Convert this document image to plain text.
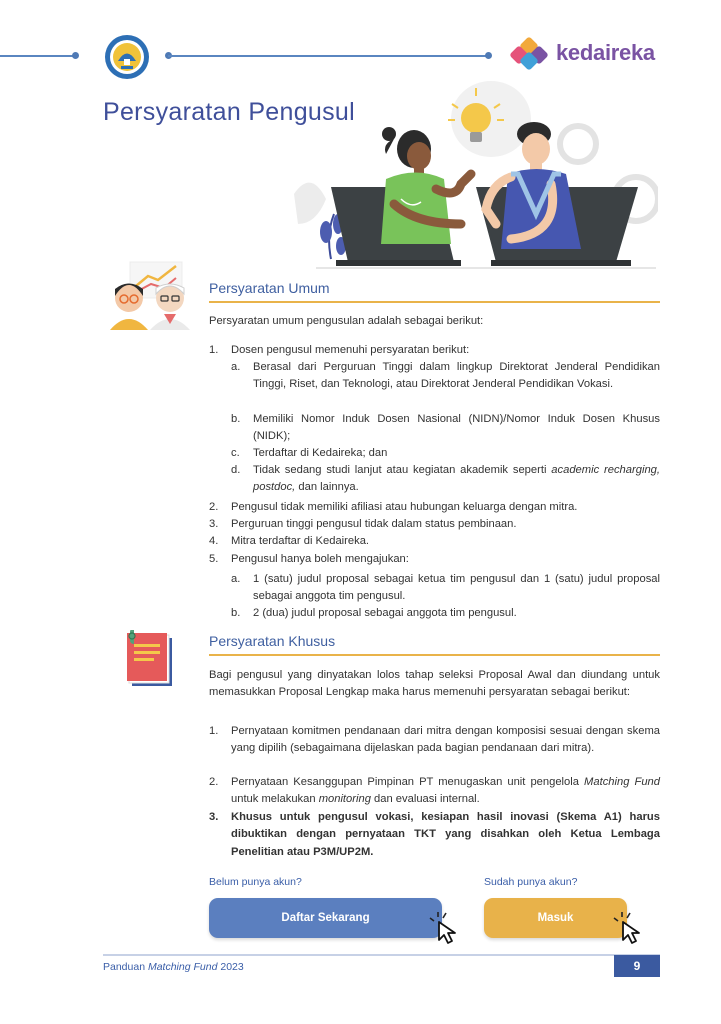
kedaireka
Persyaratan Pengusul
Persyaratan Umum
Persyaratan umum pengusulan adalah sebagai berikut:
1. Dosen pengusul memenuhi persyaratan berikut:
a. Berasal dari Perguruan Tinggi dalam lingkup Direktorat Jenderal Pendidikan Tinggi, Riset, dan Teknologi, atau Direktorat Jenderal Pendidikan Vokasi.
b. Memiliki Nomor Induk Dosen Nasional (NIDN)/Nomor Induk Dosen Khusus (NIDK);
c. Terdaftar di Kedaireka; dan
d. Tidak sedang studi lanjut atau kegiatan akademik seperti academic recharging, postdoc, dan lainnya.
2. Pengusul tidak memiliki afiliasi atau hubungan keluarga dengan mitra.
3. Perguruan tinggi pengusul tidak dalam status pembinaan.
4. Mitra terdaftar di Kedaireka.
5. Pengusul hanya boleh mengajukan:
a. 1 (satu) judul proposal sebagai ketua tim pengusul dan 1 (satu) judul proposal sebagai anggota tim pengusul.
b. 2 (dua) judul proposal sebagai anggota tim pengusul.
Persyaratan Khusus
Bagi pengusul yang dinyatakan lolos tahap seleksi Proposal Awal dan diundang untuk memasukkan Proposal Lengkap maka harus memenuhi persyaratan sebagai berikut:
1. Pernyataan komitmen pendanaan dari mitra dengan komposisi sesuai dengan skema yang dipilih (sebagaimana dijelaskan pada bagian pendanaan dari mitra).
2. Pernyataan Kesanggupan Pimpinan PT menugaskan unit pengelola Matching Fund untuk melakukan monitoring dan evaluasi internal.
3. Khusus untuk pengusul vokasi, kesiapan hasil inovasi (Skema A1) harus dibuktikan dengan pernyataan TKT yang disahkan oleh Ketua Lembaga Penelitian atau P3M/UP2M.
Belum punya akun?
Daftar Sekarang
Sudah punya akun?
Masuk
Panduan Matching Fund 2023	9
